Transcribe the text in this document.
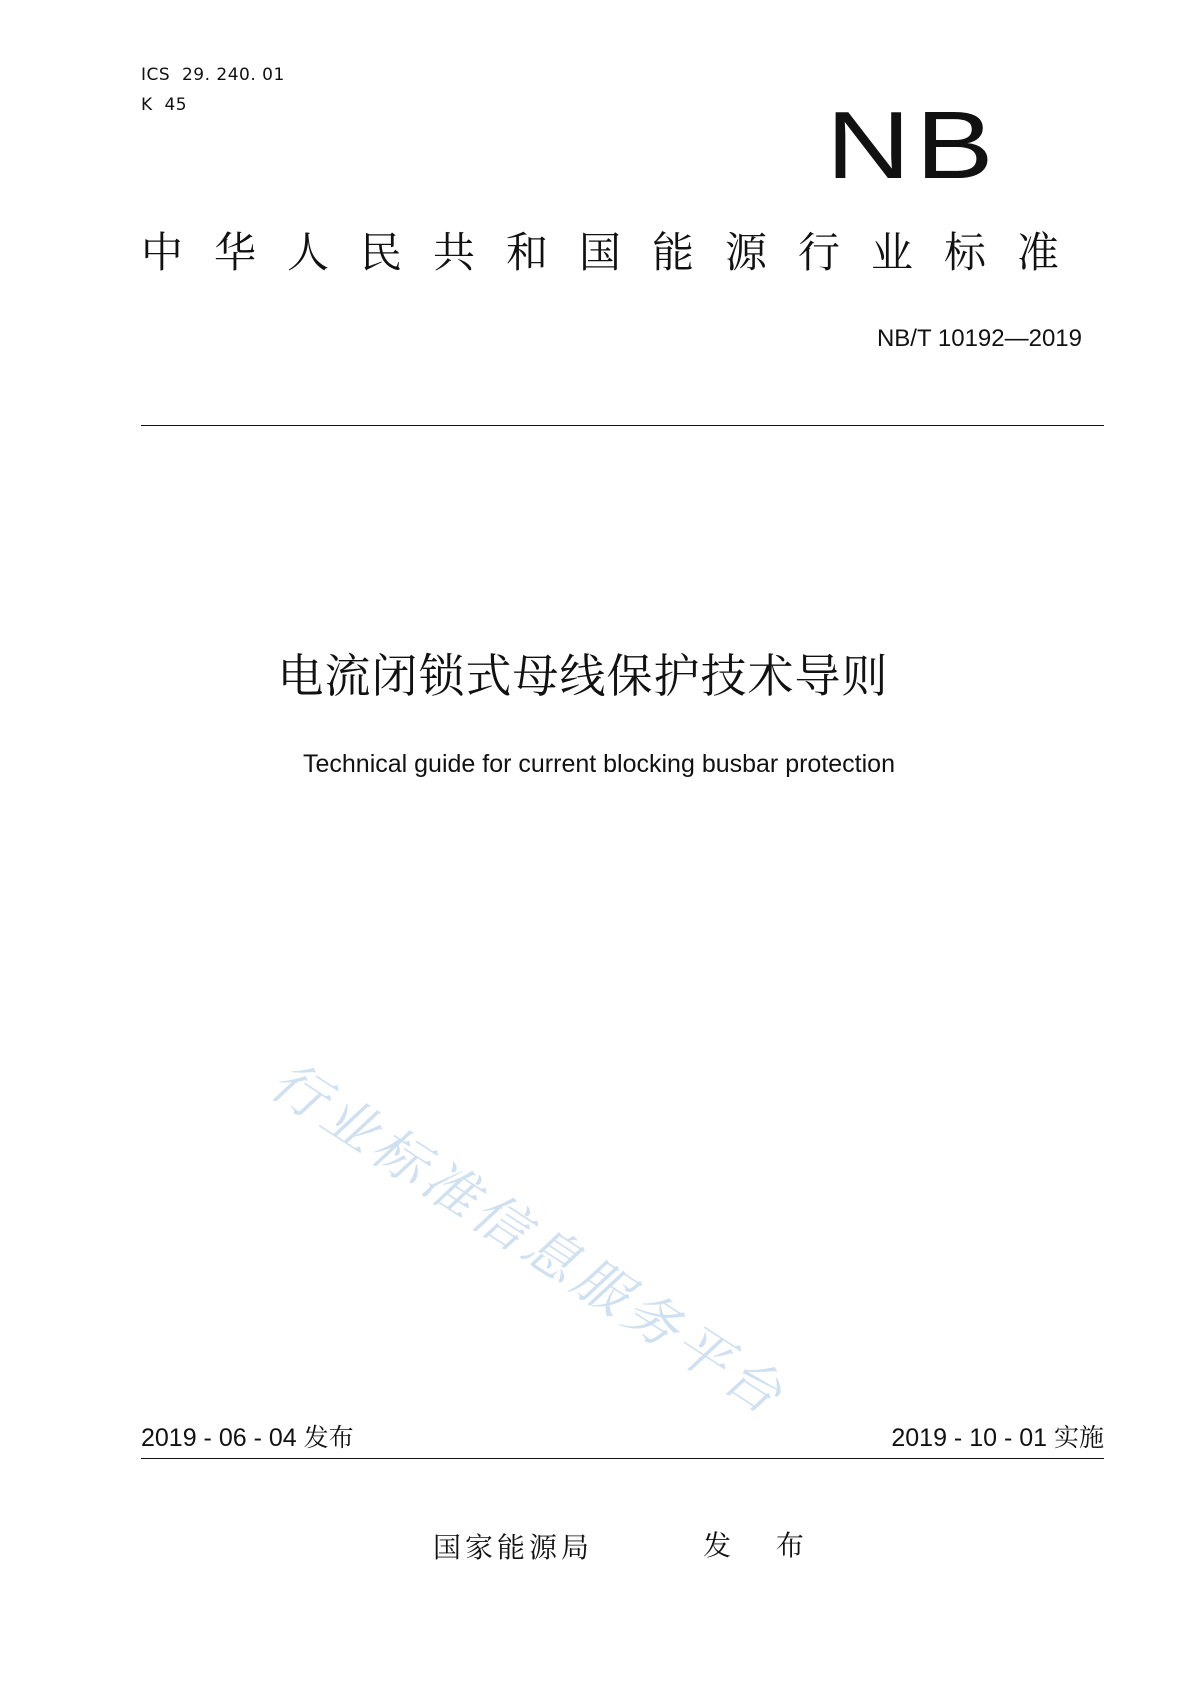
ICS  29. 240. 01
K  45	NB
中华人民共和国能源行业标准
NB/T 10192—2019
电流闭锁式母线保护技术导则
Technical guide for current blocking busbar protection
行业标准信息服务平台
2019 - 06 - 04 发布	2019 - 10 - 01 实施
国家能源局	发 布
